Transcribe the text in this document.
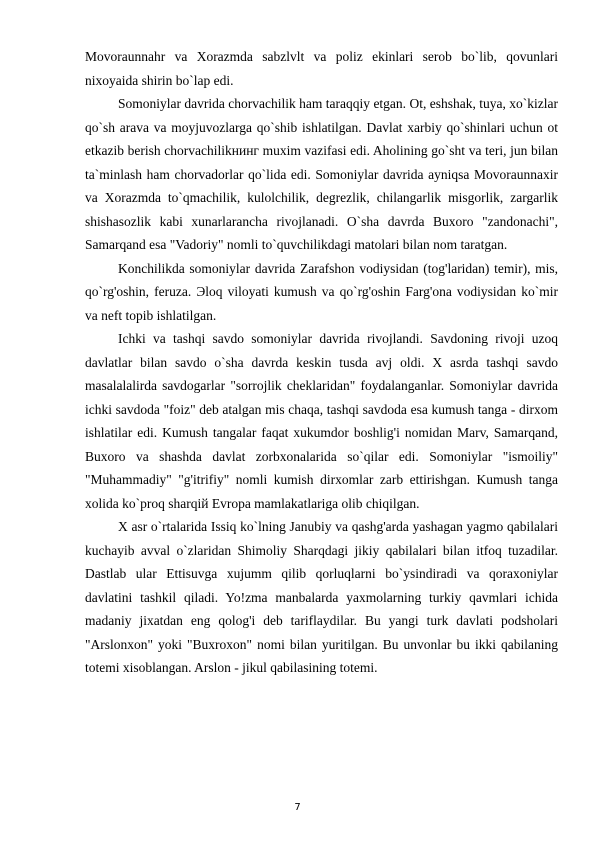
Movoraunnahr va Xorazmda sabzlvlt va poliz ekinlari serob bo`lib, qovunlari nixoyaida shirin bo`lap edi.

Somoniylar davrida chorvachilik ham taraqqiy etgan. Ot, eshshak, tuya, xo`kizlar qo`sh arava va moyjuvozlarga qo`shib ishlatilgan. Davlat xarbiy qo`shinlari uchun ot etkazib berish chorvachilikнинг muxim vazifasi edi. Aholining go`sht va teri, jun bilan ta`minlash ham chorvadorlar qo`lida edi. Somoniylar davrida ayniqsa Movoraunnaxir va Xorazmda to`qmachilik, kulolchilik, degrezlik, chilangarlik misgorlik, zargarlik shishasozlik kabi xunarlarancha rivojlanadi. O`sha davrda Buxoro "zandonachi", Samarqand esa "Vadoriy" nomli to`quvchilikdagi matolari bilan nom taratgan.

Konchilikda somoniylar davrida Zarafshon vodiysidan (tog'laridan) temir), mis, qo`rg'oshin, feruza. Эloq viloyati kumush va qo`rg'oshin Farg'ona vodiysidan ko`mir va neft topib ishlatilgan.

Ichki va tashqi savdo somoniylar davrida rivojlandi. Savdoning rivoji uzoq davlatlar bilan savdo o`sha davrda keskin tusda avj oldi. X asrda tashqi savdo masalalalirda savdogarlar "sorrojlik cheklaridan" foydalanganlar. Somoniylar davrida ichki savdoda "foiz" deb atalgan mis chaqa, tashqi savdoda esa kumush tanga - dirxom ishlatilar edi. Kumush tangalar faqat xukumdor boshlig'i nomidan Marv, Samarqand, Buxoro va shashda davlat zorbxonalarida so`qilar edi. Somoniylar "ismoiliy" "Muhammadiy" "g'itrifiy" nomli kumish dirxomlar zarb ettirishgan. Kumush tanga xolida ko`proq sharqiй Evropa mamlakatlariga olib chiqilgan.

X asr o`rtalarida Issiq ko`lning Janubiy va qashg'arda yashagan yagmo qabilalari kuchayib avval o`zlaridan Shimoliy Sharqdagi jikiy qabilalari bilan itfoq tuzadilar. Dastlab ular Ettisuvga xujumm qilib qorluqlarni bo`ysindiradi va qoraxoniylar davlatini tashkil qiladi. Yo!zma manbalarda yaxmolarning turkiy qavmlari ichida madaniy jixatdan eng qolog'i deb tariflaydilar. Bu yangi turk davlati podsholari "Arslonxon" yoki "Buxroxon" nomi bilan yuritilgan. Bu unvonlar bu ikki qabilaning totemi xisoblangan. Arslon - jikul qabilasining totemi.

7
